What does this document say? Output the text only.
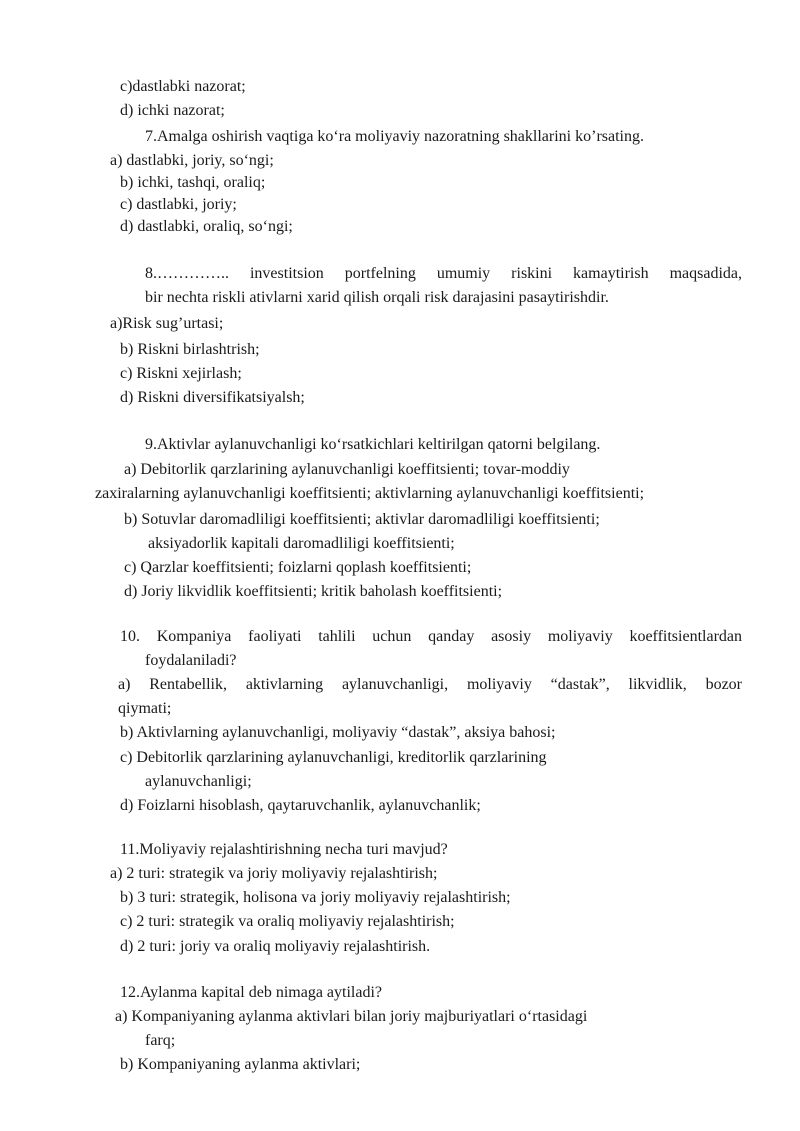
c)dastlabki nazorat;
d) ichki nazorat;
7.Amalga oshirish vaqtiga ko‘ra moliyaviy nazoratning shakllarini ko’rsating.
a) dastlabki, joriy, so‘ngi;
b) ichki, tashqi, oraliq;
c) dastlabki, joriy;
d) dastlabki, oraliq, so‘ngi;
8.………….. investitsion portfelning umumiy riskini kamaytirish maqsadida,
bir nechta riskli ativlarni xarid qilish orqali risk darajasini pasaytirishdir.
a)Risk sug’urtasi;
b) Riskni birlashtrish;
c) Riskni xejirlash;
d) Riskni diversifikatsiyalsh;
9.Aktivlar aylanuvchanligi ko‘rsatkichlari keltirilgan qatorni belgilang.
a) Debitorlik qarzlarining aylanuvchanligi koeffitsienti; tovar-moddiy
zaxiralarning aylanuvchanligi koeffitsienti; aktivlarning aylanuvchanligi koeffitsienti;
b) Sotuvlar daromadliligi koeffitsienti; aktivlar daromadliligi koeffitsienti;
aksiyadorlik kapitali daromadliligi koeffitsienti;
c) Qarzlar koeffitsienti; foizlarni qoplash koeffitsienti;
d) Joriy likvidlik koeffitsienti; kritik baholash koeffitsienti;
10. Kompaniya faoliyati tahlili uchun qanday asosiy moliyaviy koeffitsientlardan
foydalaniladi?
a) Rentabellik, aktivlarning aylanuvchanligi, moliyaviy “dastak”, likvidlik, bozor
qiymati;
b) Aktivlarning aylanuvchanligi, moliyaviy “dastak”, aksiya bahosi;
c) Debitorlik qarzlarining aylanuvchanligi, kreditorlik qarzlarining
aylanuvchanligi;
d) Foizlarni hisoblash, qaytaruvchanlik, aylanuvchanlik;
11.Moliyaviy rejalashtirishning necha turi mavjud?
a) 2 turi: strategik va joriy moliyaviy rejalashtirish;
b) 3 turi: strategik, holisona va joriy moliyaviy rejalashtirish;
c) 2 turi: strategik va oraliq moliyaviy rejalashtirish;
d) 2 turi: joriy va oraliq moliyaviy rejalashtirish.
12.Aylanma kapital deb nimaga aytiladi?
a) Kompaniyaning aylanma aktivlari bilan joriy majburiyatlari o‘rtasidagi
farq;
b) Kompaniyaning aylanma aktivlari;
